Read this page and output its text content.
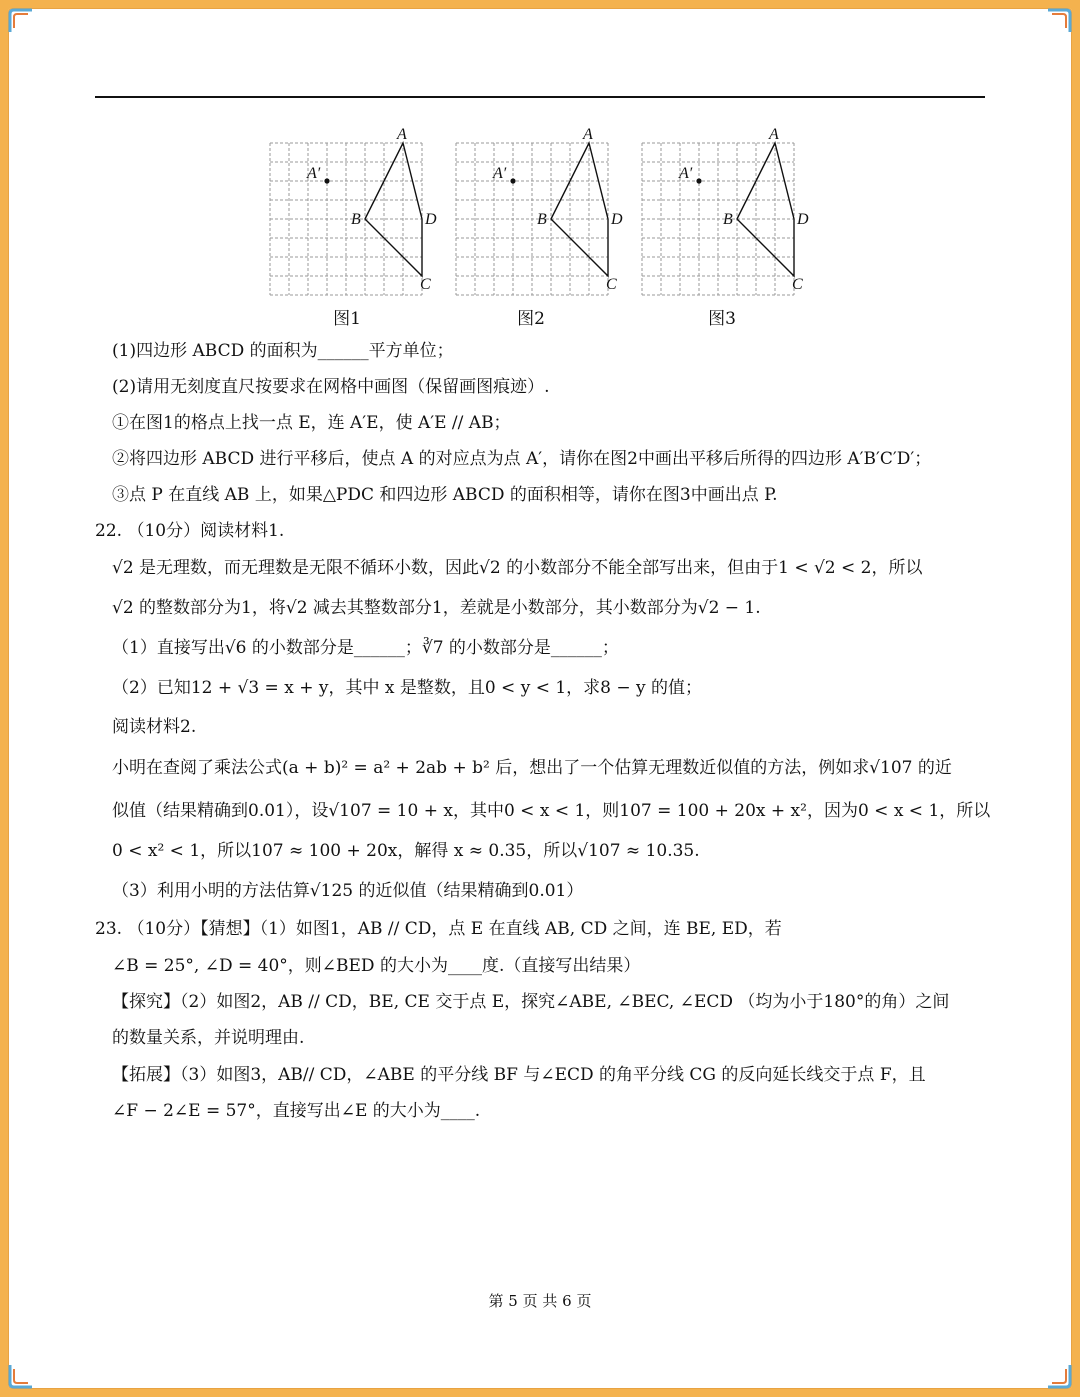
A
B	D
C
A′
A
B	D
C
A′
A
B	D
C
A′
图1	图2	图3
(1)四边形 ABCD 的面积为______平方单位；
(2)请用无刻度直尺按要求在网格中画图（保留画图痕迹）.
①在图1的格点上找一点 E，连 A′E，使 A′E // AB；
②将四边形 ABCD 进行平移后，使点 A 的对应点为点 A′，请你在图2中画出平移后所得的四边形 A′B′C′D′；
③点 P 在直线 AB 上，如果△PDC 和四边形 ABCD 的面积相等，请你在图3中画出点 P.
22. （10分）阅读材料1.
√2 是无理数，而无理数是无限不循环小数，因此√2 的小数部分不能全部写出来，但由于1 < √2 < 2，所以
√2 的整数部分为1，将√2 减去其整数部分1，差就是小数部分，其小数部分为√2 − 1.
（1）直接写出√6 的小数部分是______；∛7 的小数部分是______；
（2）已知12 + √3 = x + y，其中 x 是整数，且0 < y < 1，求8 − y 的值；
阅读材料2.
小明在查阅了乘法公式(a + b)² = a² + 2ab + b² 后，想出了一个估算无理数近似值的方法，例如求√107 的近
似值（结果精确到0.01），设√107 = 10 + x，其中0 < x < 1，则107 = 100 + 20x + x²，因为0 < x < 1，所以
0 < x² < 1，所以107 ≈ 100 + 20x，解得 x ≈ 0.35，所以√107 ≈ 10.35.
（3）利用小明的方法估算√125 的近似值（结果精确到0.01）
23. （10分）【猜想】（1）如图1，AB // CD，点 E 在直线 AB, CD 之间，连 BE, ED，若
∠B = 25°, ∠D = 40°，则∠BED 的大小为____度.（直接写出结果）
【探究】（2）如图2，AB // CD，BE, CE 交于点 E，探究∠ABE, ∠BEC, ∠ECD （均为小于180°的角）之间
的数量关系，并说明理由.
【拓展】（3）如图3，AB// CD，∠ABE 的平分线 BF 与∠ECD 的角平分线 CG 的反向延长线交于点 F，且
∠F − 2∠E = 57°，直接写出∠E 的大小为____.
第 5 页 共 6 页
